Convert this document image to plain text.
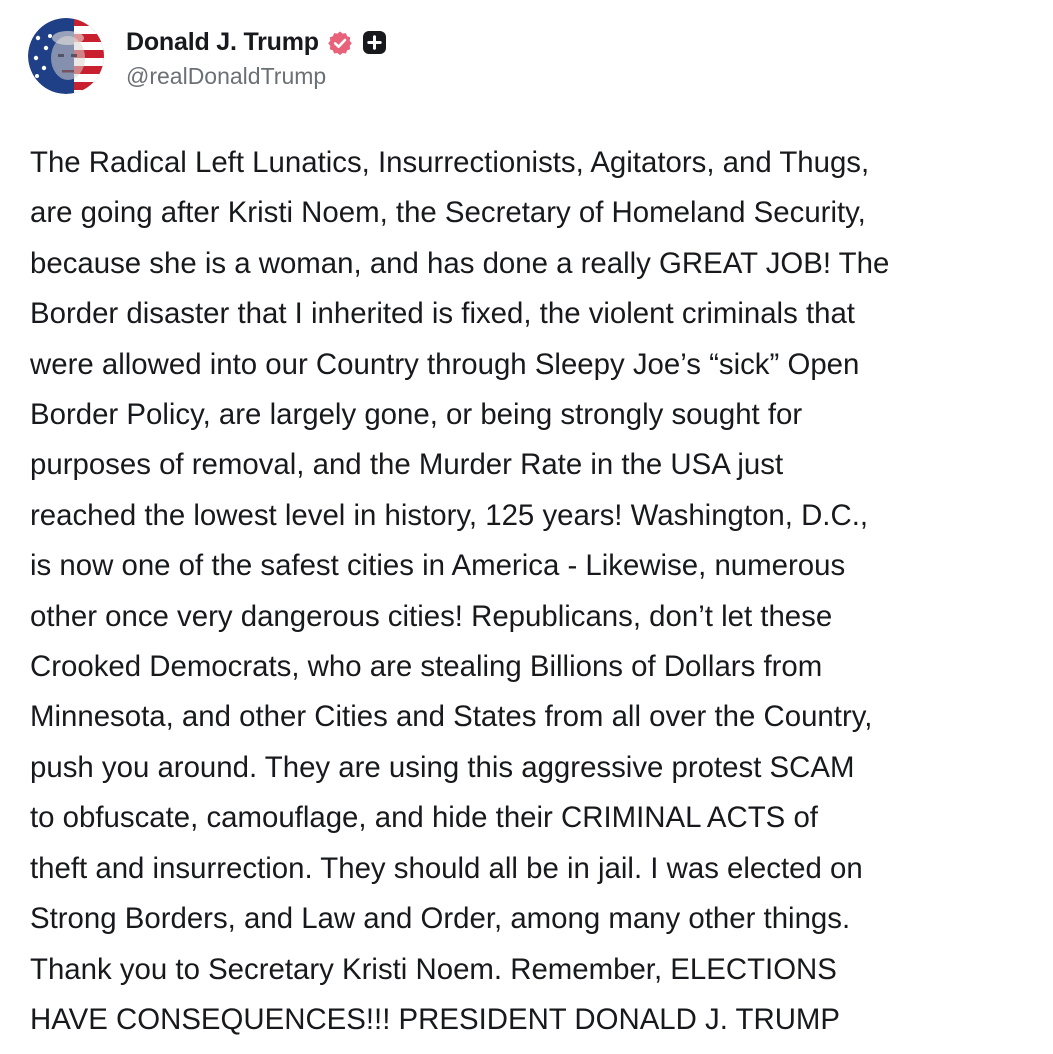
Donald J. Trump
@realDonaldTrump
The Radical Left Lunatics, Insurrectionists, Agitators, and Thugs,
are going after Kristi Noem, the Secretary of Homeland Security,
because she is a woman, and has done a really GREAT JOB! The
Border disaster that I inherited is fixed, the violent criminals that
were allowed into our Country through Sleepy Joe’s “sick” Open
Border Policy, are largely gone, or being strongly sought for
purposes of removal, and the Murder Rate in the USA just
reached the lowest level in history, 125 years! Washington, D.C.,
is now one of the safest cities in America - Likewise, numerous
other once very dangerous cities! Republicans, don’t let these
Crooked Democrats, who are stealing Billions of Dollars from
Minnesota, and other Cities and States from all over the Country,
push you around. They are using this aggressive protest SCAM
to obfuscate, camouflage, and hide their CRIMINAL ACTS of
theft and insurrection. They should all be in jail. I was elected on
Strong Borders, and Law and Order, among many other things.
Thank you to Secretary Kristi Noem. Remember, ELECTIONS
HAVE CONSEQUENCES!!! PRESIDENT DONALD J. TRUMP
